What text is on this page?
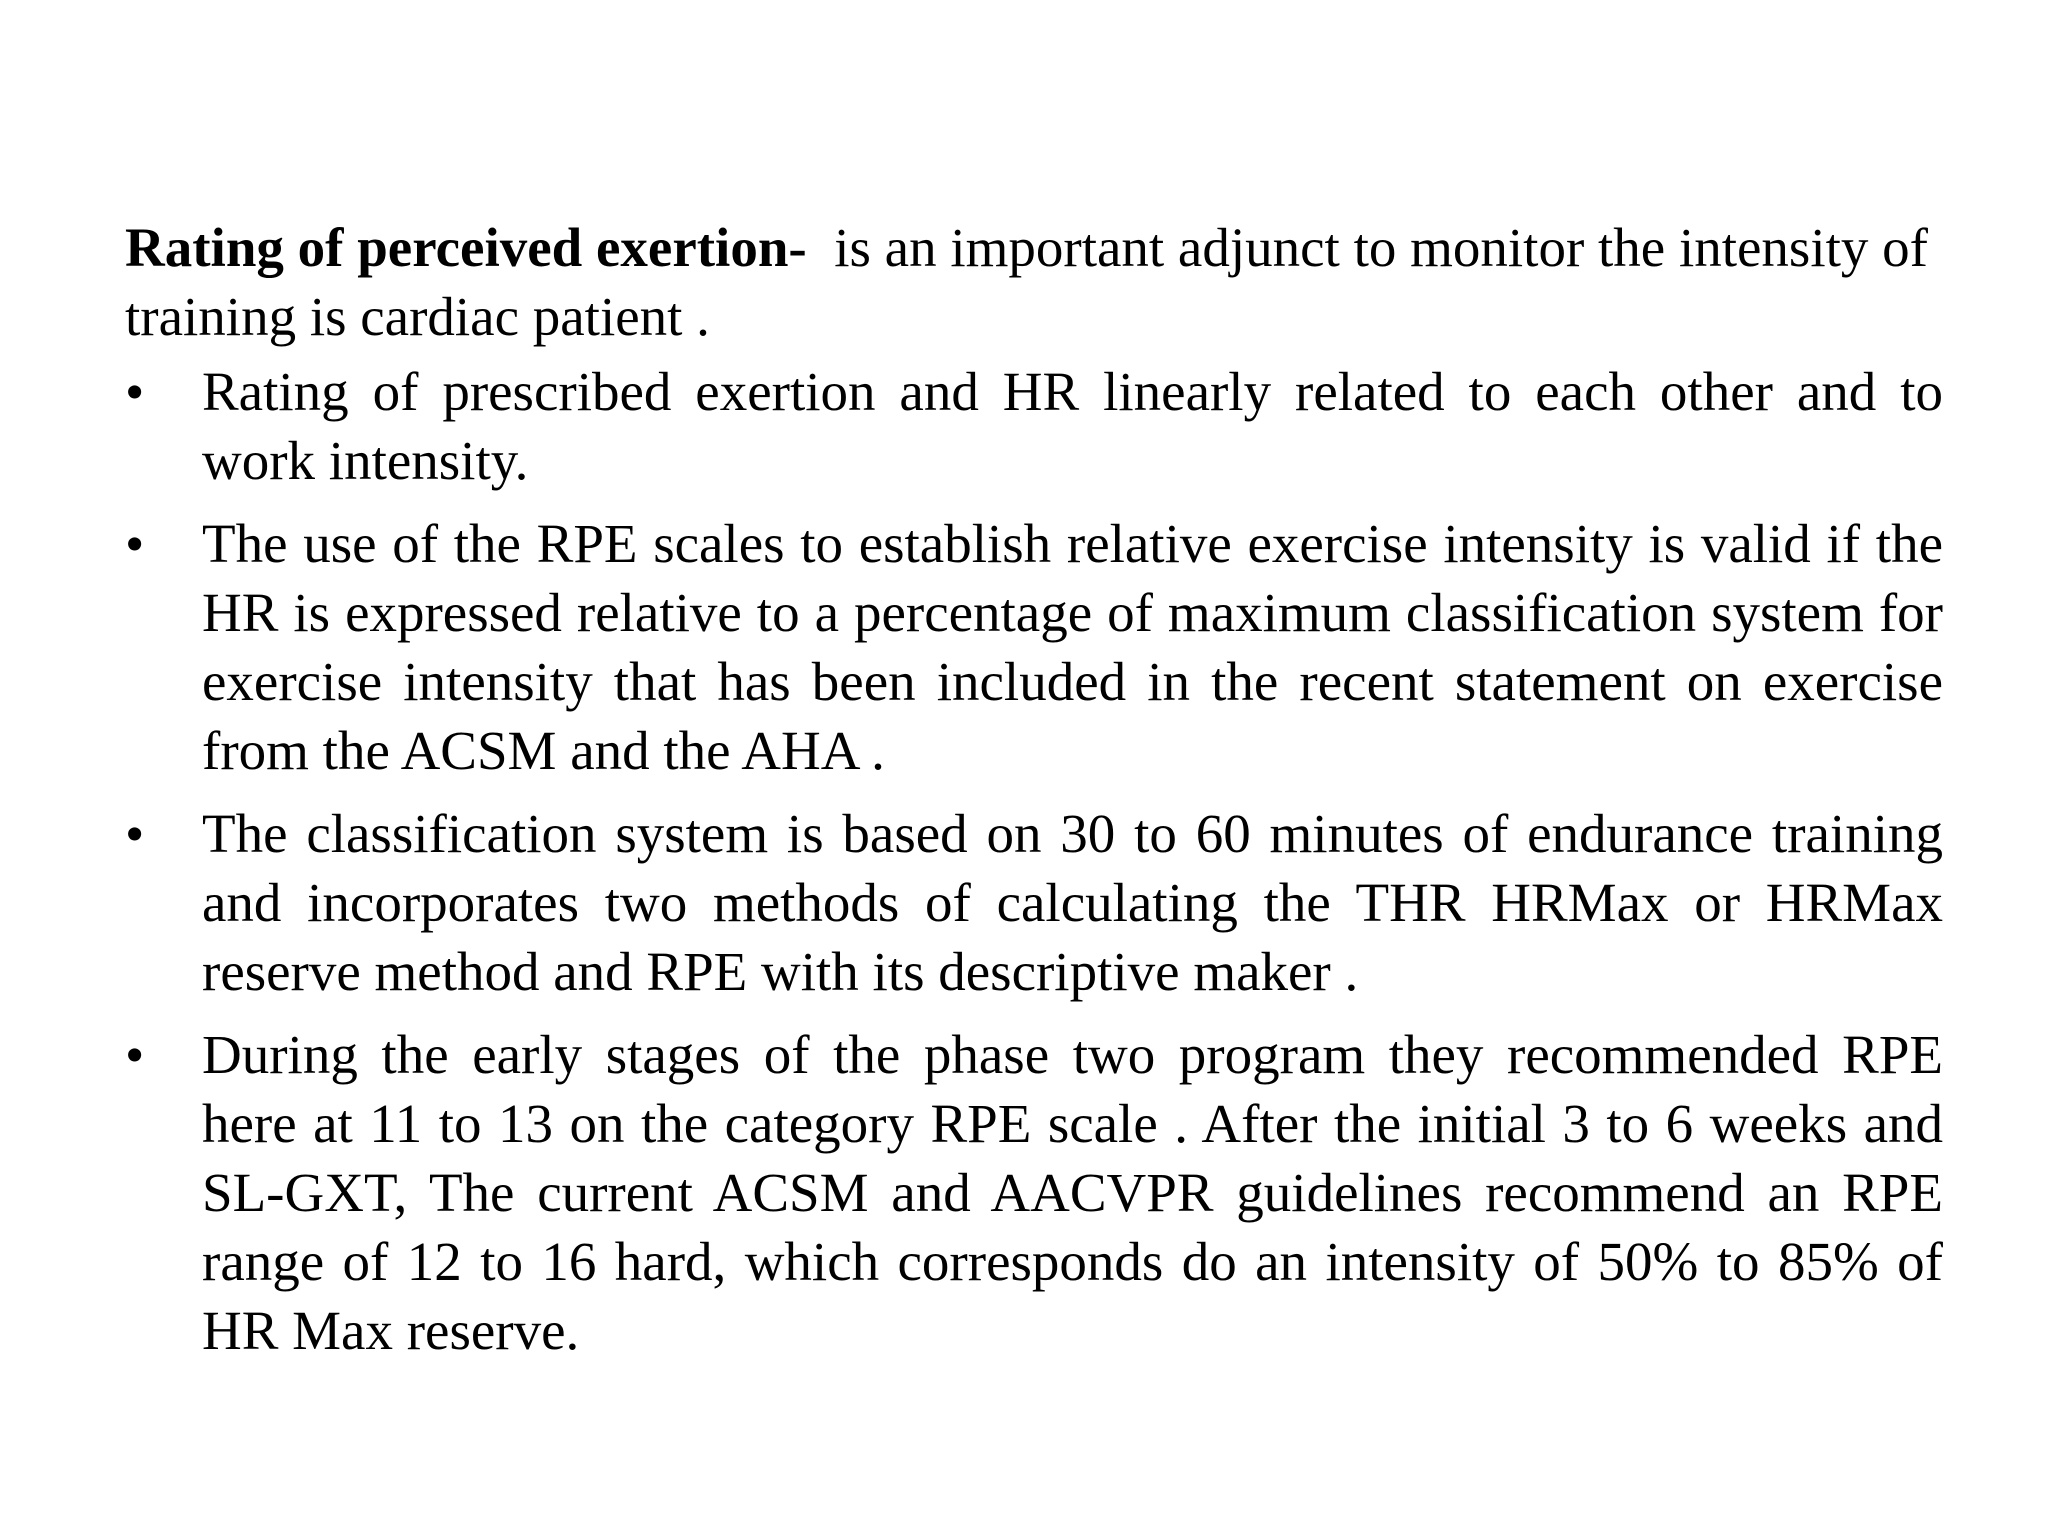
Rating of perceived exertion-  is an important adjunct to monitor the intensity of training is cardiac patient .

•	Rating of prescribed exertion and HR linearly related to each other and to work intensity.
•	The use of the RPE scales to establish relative exercise intensity is valid if the HR is expressed relative to a percentage of maximum classification system for exercise intensity that has been included in the recent statement on exercise from the ACSM and the AHA .
•	The classification system is based on 30 to 60 minutes of endurance training and incorporates two methods of calculating the THR HRMax or HRMax reserve method and RPE with its descriptive maker .
•	During the early stages of the phase two program they recommended RPE here at 11 to 13 on the category RPE scale . After the initial 3 to 6 weeks and SL-GXT, The current ACSM and AACVPR guidelines recommend an RPE range of 12 to 16 hard, which corresponds do an intensity of 50% to 85% of HR Max reserve.
